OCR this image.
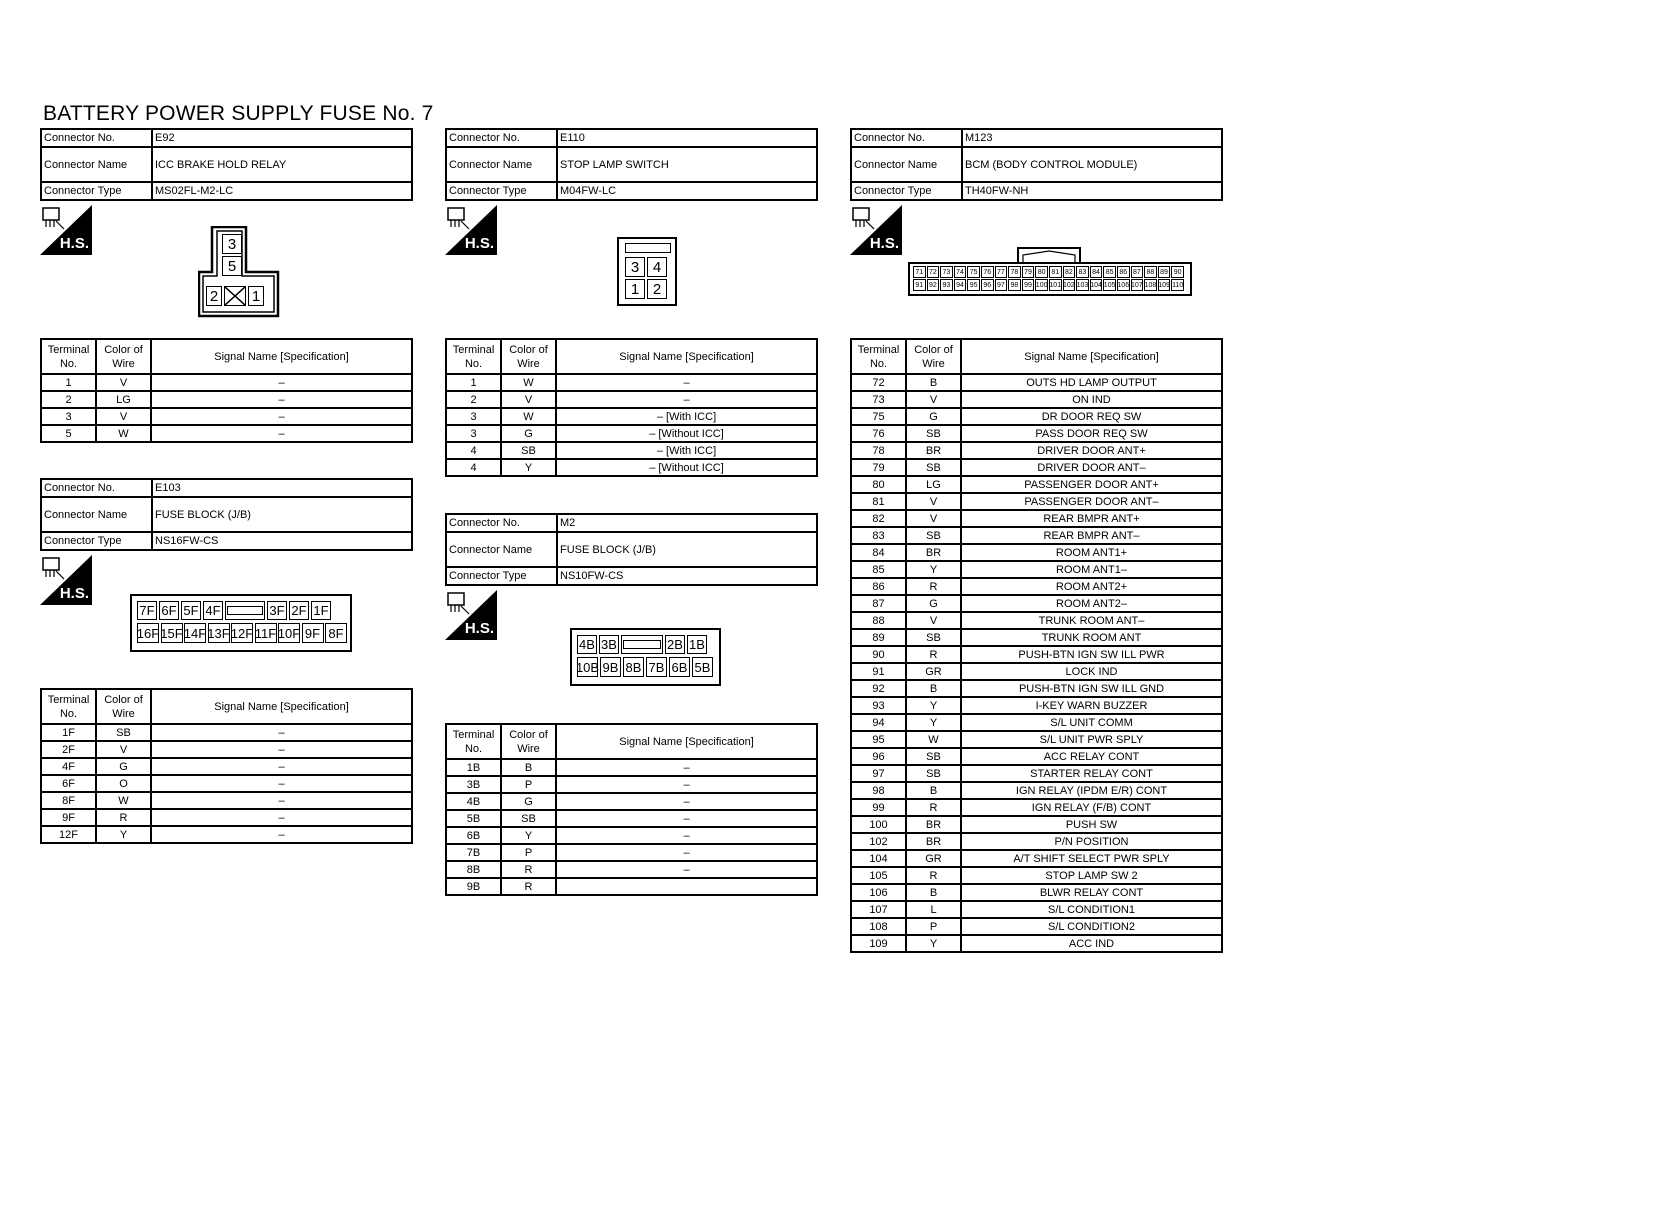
BATTERY POWER SUPPLY FUSE No. 7
Connector No.	E92
Connector Name	ICC BRAKE HOLD RELAY
Connector Type	MS02FL-M2-LC
H.S.
Terminal No.	Color of Wire	Signal Name [Specification]
1	V	–
2	LG	–
3	V	–
5	W	–
Connector No.	E103
Connector Name	FUSE BLOCK (J/B)
Connector Type	NS16FW-CS
H.S.
Terminal No.	Color of Wire	Signal Name [Specification]
1F	SB	–
2F	V	–
4F	G	–
6F	O	–
8F	W	–
9F	R	–
12F	Y	–
Connector No.	E110
Connector Name	STOP LAMP SWITCH
Connector Type	M04FW-LC
H.S.
Terminal No.	Color of Wire	Signal Name [Specification]
1	W	–
2	V	–
3	W	– [With ICC]
3	G	– [Without ICC]
4	SB	– [With ICC]
4	Y	– [Without ICC]
Connector No.	M2
Connector Name	FUSE BLOCK (J/B)
Connector Type	NS10FW-CS
H.S.
Terminal No.	Color of Wire	Signal Name [Specification]
1B	B	–
3B	P	–
4B	G	–
5B	SB	–
6B	Y	–
7B	P	–
8B	R	–
9B	R	
Connector No.	M123
Connector Name	BCM (BODY CONTROL MODULE)
Connector Type	TH40FW-NH
H.S.
Terminal No.	Color of Wire	Signal Name [Specification]
72	B	OUTS HD LAMP OUTPUT
73	V	ON IND
75	G	DR DOOR REQ SW
76	SB	PASS DOOR REQ SW
78	BR	DRIVER DOOR ANT+
79	SB	DRIVER DOOR ANT–
80	LG	PASSENGER DOOR ANT+
81	V	PASSENGER DOOR ANT–
82	V	REAR BMPR ANT+
83	SB	REAR BMPR ANT–
84	BR	ROOM ANT1+
85	Y	ROOM ANT1–
86	R	ROOM ANT2+
87	G	ROOM ANT2–
88	V	TRUNK ROOM ANT–
89	SB	TRUNK ROOM ANT
90	R	PUSH-BTN IGN SW ILL PWR
91	GR	LOCK IND
92	B	PUSH-BTN IGN SW ILL GND
93	Y	I-KEY WARN BUZZER
94	Y	S/L UNIT COMM
95	W	S/L UNIT PWR SPLY
96	SB	ACC RELAY CONT
97	SB	STARTER RELAY CONT
98	B	IGN RELAY (IPDM E/R) CONT
99	R	IGN RELAY (F/B) CONT
100	BR	PUSH SW
102	BR	P/N POSITION
104	GR	A/T SHIFT SELECT PWR SPLY
105	R	STOP LAMP SW 2
106	B	BLWR RELAY CONT
107	L	S/L CONDITION1
108	P	S/L CONDITION2
109	Y	ACC IND
3
5
2 1
3 4
1 2
7F 6F 5F 4F	3F 2F 1F
16F 15F 14F 13F 12F 11F 10F 9F 8F
4B 3B	2B 1B
10B 9B 8B 7B 6B 5B
71 72 73 74 75 76 77 78 79 80 81 82 83 84 85 86 87 88 89 90
91 92 93 94 95 96 97 98 99 100 101 102 103 104 105 106 107 108 109 110
